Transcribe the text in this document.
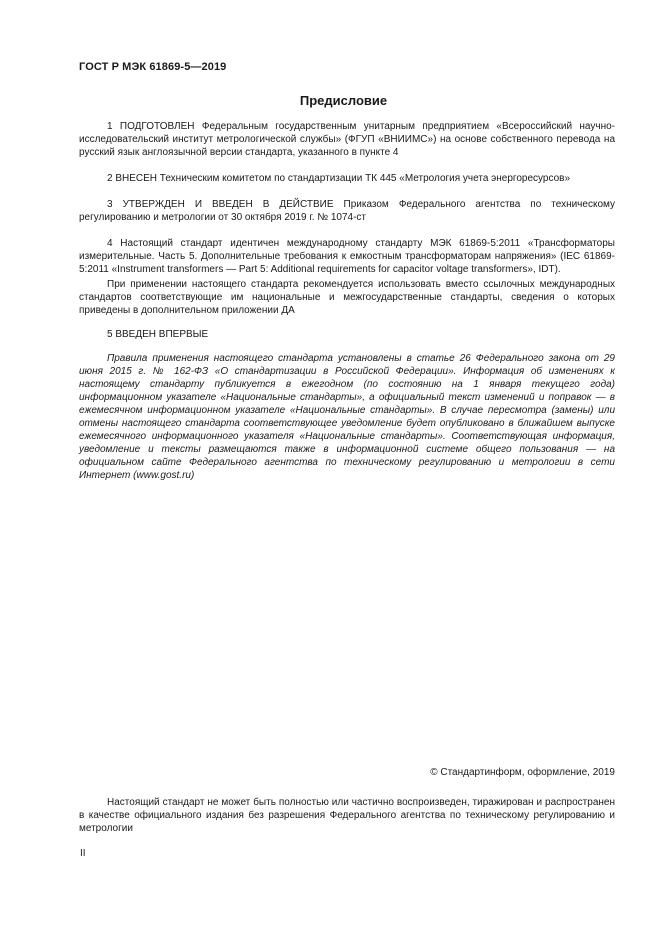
ГОСТ Р МЭК 61869-5—2019
Предисловие

1 ПОДГОТОВЛЕН Федеральным государственным унитарным предприятием «Всероссийский научно-исследовательский институт метрологической службы» (ФГУП «ВНИИМС») на основе собственного перевода на русский язык англоязычной версии стандарта, указанного в пункте 4

2 ВНЕСЕН Техническим комитетом по стандартизации ТК 445 «Метрология учета энергоресурсов»

3 УТВЕРЖДЕН И ВВЕДЕН В ДЕЙСТВИЕ Приказом Федерального агентства по техническому регулированию и метрологии от 30 октября 2019 г. № 1074-ст

4 Настоящий стандарт идентичен международному стандарту МЭК 61869-5:2011 «Трансформаторы измерительные. Часть 5. Дополнительные требования к емкостным трансформаторам напряжения» (IEC 61869-5:2011 «Instrument transformers — Part 5: Additional requirements for capacitor voltage transformers», IDT).

При применении настоящего стандарта рекомендуется использовать вместо ссылочных международных стандартов соответствующие им национальные и межгосударственные стандарты, сведения о которых приведены в дополнительном приложении ДА

5 ВВЕДЕН ВПЕРВЫЕ

Правила применения настоящего стандарта установлены в статье 26 Федерального закона от 29 июня 2015 г. № 162-ФЗ «О стандартизации в Российской Федерации». Информация об изменениях к настоящему стандарту публикуется в ежегодном (по состоянию на 1 января текущего года) информационном указателе «Национальные стандарты», а официальный текст изменений и поправок — в ежемесячном информационном указателе «Национальные стандарты». В случае пересмотра (замены) или отмены настоящего стандарта соответствующее уведомление будет опубликовано в ближайшем выпуске ежемесячного информационного указателя «Национальные стандарты». Соответствующая информация, уведомление и тексты размещаются также в информационной системе общего пользования — на официальном сайте Федерального агентства по техническому регулированию и метрологии в сети Интернет (www.gost.ru)

© Стандартинформ, оформление, 2019
Настоящий стандарт не может быть полностью или частично воспроизведен, тиражирован и распространен в качестве официального издания без разрешения Федерального агентства по техническому регулированию и метрологии
II
